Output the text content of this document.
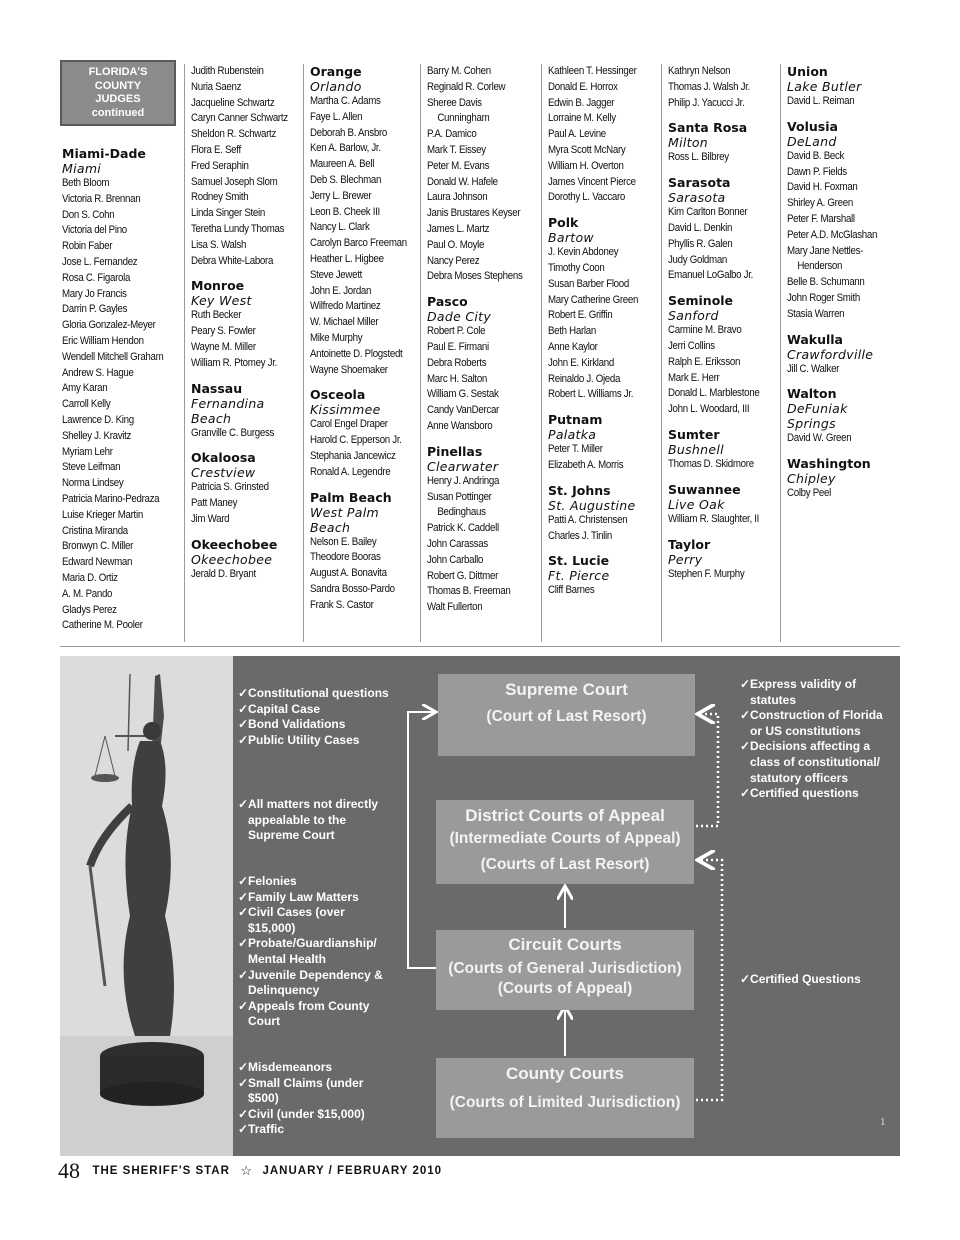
FLORIDA'S
COUNTY
JUDGES
continued
Miami-Dade
Miami
Beth Bloom
Victoria R. Brennan
Don S. Cohn
Victoria del Pino
Robin Faber
Jose L. Fernandez
Rosa C. Figarola
Mary Jo Francis
Darrin P. Gayles
Gloria Gonzalez-Meyer
Eric William Hendon
Wendell Mitchell Graham
Andrew S. Hague
Amy Karan
Carroll Kelly
Lawrence D. King
Shelley J. Kravitz
Myriam Lehr
Steve Leifman
Norma Lindsey
Patricia Marino-Pedraza
Luise Krieger Martin
Cristina Miranda
Bronwyn C. Miller
Edward Newman
Maria D. Ortiz
A. M. Pando
Gladys Perez
Catherine M. Pooler
Judith Rubenstein
Nuria Saenz
Jacqueline Schwartz
Caryn Canner Schwartz
Sheldon R. Schwartz
Flora E. Seff
Fred Seraphin
Samuel Joseph Slom
Rodney Smith
Linda Singer Stein
Teretha Lundy Thomas
Lisa S. Walsh
Debra White-Labora
Monroe
Key West
Ruth Becker
Peary S. Fowler
Wayne M. Miller
William R. Ptomey Jr.
Nassau
Fernandina
Beach
Granville C. Burgess
Okaloosa
Crestview
Patricia S. Grinsted
Patt Maney
Jim Ward
Okeechobee
Okeechobee
Jerald D. Bryant
Orange
Orlando
Martha C. Adams
Faye L. Allen
Deborah B. Ansbro
Ken A. Barlow, Jr.
Maureen A. Bell
Deb S. Blechman
Jerry L. Brewer
Leon B. Cheek III
Nancy L. Clark
Carolyn Barco Freeman
Heather L. Higbee
Steve Jewett
John E. Jordan
Wilfredo Martinez
W. Michael Miller
Mike Murphy
Antoinette D. Plogstedt
Wayne Shoemaker
Osceola
Kissimmee
Carol Engel Draper
Harold C. Epperson Jr.
Stephania Jancewicz
Ronald A. Legendre
Palm Beach
West Palm
Beach
Nelson E. Bailey
Theodore Booras
August A. Bonavita
Sandra Bosso-Pardo
Frank S. Castor
Barry M. Cohen
Reginald R. Corlew
Sheree Davis
Cunningham
P.A. Damico
Mark T. Eissey
Peter M. Evans
Donald W. Hafele
Laura Johnson
Janis Brustares Keyser
James L. Martz
Paul O. Moyle
Nancy Perez
Debra Moses Stephens
Pasco
Dade City
Robert P. Cole
Paul E. Firmani
Debra Roberts
Marc H. Salton
William G. Sestak
Candy VanDercar
Anne Wansboro
Pinellas
Clearwater
Henry J. Andringa
Susan Pottinger
Bedinghaus
Patrick K. Caddell
John Carassas
John Carballo
Robert G. Dittmer
Thomas B. Freeman
Walt Fullerton
Kathleen T. Hessinger
Donald E. Horrox
Edwin B. Jagger
Lorraine M. Kelly
Paul A. Levine
Myra Scott McNary
William H. Overton
James Vincent Pierce
Dorothy L. Vaccaro
Polk
Bartow
J. Kevin Abdoney
Timothy Coon
Susan Barber Flood
Mary Catherine Green
Robert E. Griffin
Beth Harlan
Anne Kaylor
John E. Kirkland
Reinaldo J. Ojeda
Robert L. Williams Jr.
Putnam
Palatka
Peter T. Miller
Elizabeth A. Morris
St. Johns
St. Augustine
Patti A. Christensen
Charles J. Tinlin
St. Lucie
Ft. Pierce
Cliff Barnes
Kathryn Nelson
Thomas J. Walsh Jr.
Philip J. Yacucci Jr.
Santa Rosa
Milton
Ross L. Bilbrey
Sarasota
Sarasota
Kim Carlton Bonner
David L. Denkin
Phyllis R. Galen
Judy Goldman
Emanuel LoGalbo Jr.
Seminole
Sanford
Carmine M. Bravo
Jerri Collins
Ralph E. Eriksson
Mark E. Herr
Donald L. Marblestone
John L. Woodard, III
Sumter
Bushnell
Thomas D. Skidmore
Suwannee
Live Oak
William R. Slaughter, II
Taylor
Perry
Stephen F. Murphy
Union
Lake Butler
David L. Reiman
Volusia
DeLand
David B. Beck
Dawn P. Fields
David H. Foxman
Shirley A. Green
Peter F. Marshall
Peter A.D. McGlashan
Mary Jane Nettles-
Henderson
Belle B. Schumann
John Roger Smith
Stasia Warren
Wakulla
Crawfordville
Jill C. Walker
Walton
DeFuniak Springs
David W. Green
Washington
Chipley
Colby Peel
Supreme Court
(Court of Last Resort)
District Courts of Appeal
(Intermediate Courts of Appeal)
(Courts of Last Resort)
Circuit Courts
(Courts of General Jurisdiction)
(Courts of Appeal)
County Courts
(Courts of Limited Jurisdiction)
✓Constitutional questions
✓Capital Case
✓Bond Validations
✓Public Utility Cases
✓All matters not directly
appealable to the
Supreme Court
✓Felonies
✓Family Law Matters
✓Civil Cases (over
$15,000)
✓Probate/Guardianship/
Mental Health
✓Juvenile Dependency &
Delinquency
✓Appeals from County
Court
✓Misdemeanors
✓Small Claims (under
$500)
✓Civil (under $15,000)
✓Traffic
✓Express validity of
statutes
✓Construction of Florida
or US constitutions
✓Decisions affecting a
class of constitutional/
statutory officers
✓Certified questions
✓Certified Questions
1
48 THE SHERIFF'S STAR ☆ JANUARY / FEBRUARY 2010
